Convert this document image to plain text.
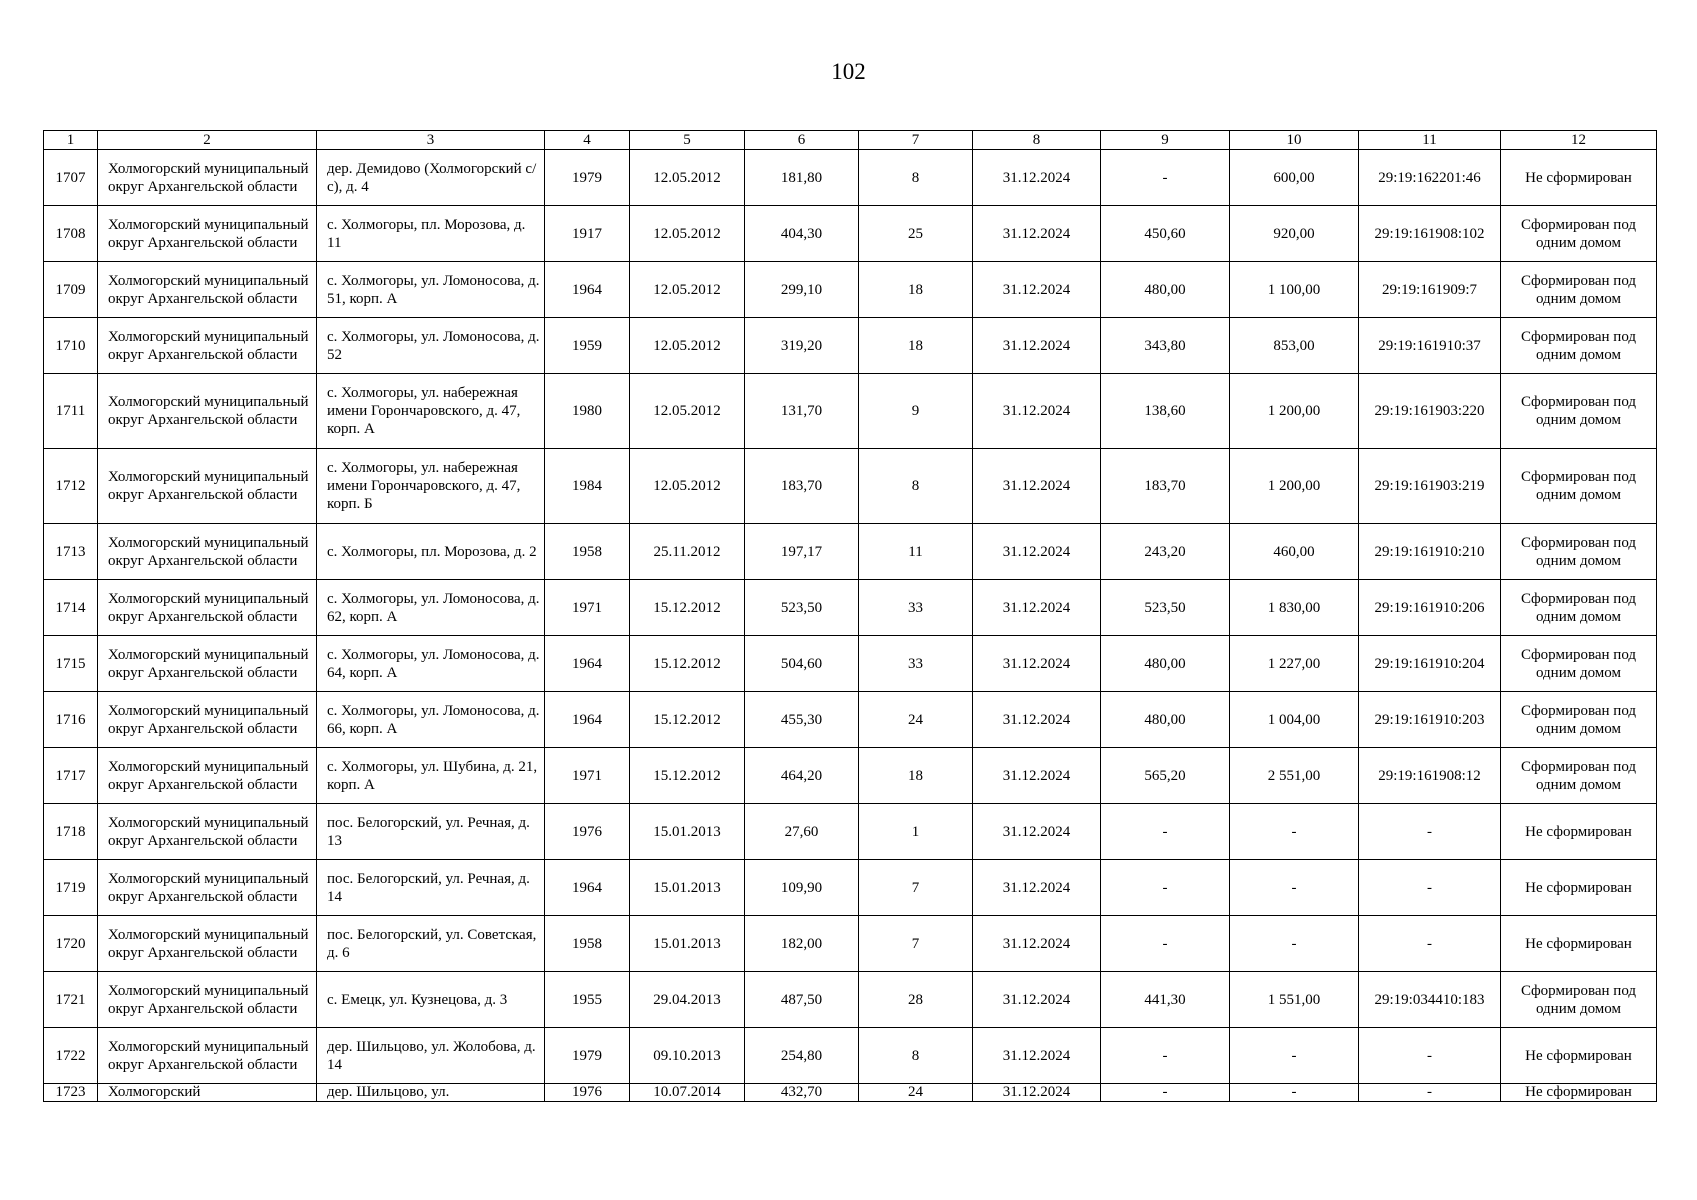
102
1	2	3	4	5	6	7	8	9	10	11	12
1707	Холмогорский муниципальный округ Архангельской области	дер. Демидово (Холмогорский с/с), д. 4	1979	12.05.2012	181,80	8	31.12.2024	-	600,00	29:19:162201:46	Не сформирован
1708	Холмогорский муниципальный округ Архангельской области	с. Холмогоры, пл. Морозова, д. 11	1917	12.05.2012	404,30	25	31.12.2024	450,60	920,00	29:19:161908:102	Сформирован под одним домом
1709	Холмогорский муниципальный округ Архангельской области	с. Холмогоры, ул. Ломоносова, д. 51, корп. А	1964	12.05.2012	299,10	18	31.12.2024	480,00	1 100,00	29:19:161909:7	Сформирован под одним домом
1710	Холмогорский муниципальный округ Архангельской области	с. Холмогоры, ул. Ломоносова, д. 52	1959	12.05.2012	319,20	18	31.12.2024	343,80	853,00	29:19:161910:37	Сформирован под одним домом
1711	Холмогорский муниципальный округ Архангельской области	с. Холмогоры, ул. набережная имени Горончаровского, д. 47, корп. А	1980	12.05.2012	131,70	9	31.12.2024	138,60	1 200,00	29:19:161903:220	Сформирован под одним домом
1712	Холмогорский муниципальный округ Архангельской области	с. Холмогоры, ул. набережная имени Горончаровского, д. 47, корп. Б	1984	12.05.2012	183,70	8	31.12.2024	183,70	1 200,00	29:19:161903:219	Сформирован под одним домом
1713	Холмогорский муниципальный округ Архангельской области	с. Холмогоры, пл. Морозова, д. 2	1958	25.11.2012	197,17	11	31.12.2024	243,20	460,00	29:19:161910:210	Сформирован под одним домом
1714	Холмогорский муниципальный округ Архангельской области	с. Холмогоры, ул. Ломоносова, д. 62, корп. А	1971	15.12.2012	523,50	33	31.12.2024	523,50	1 830,00	29:19:161910:206	Сформирован под одним домом
1715	Холмогорский муниципальный округ Архангельской области	с. Холмогоры, ул. Ломоносова, д. 64, корп. А	1964	15.12.2012	504,60	33	31.12.2024	480,00	1 227,00	29:19:161910:204	Сформирован под одним домом
1716	Холмогорский муниципальный округ Архангельской области	с. Холмогоры, ул. Ломоносова, д. 66, корп. А	1964	15.12.2012	455,30	24	31.12.2024	480,00	1 004,00	29:19:161910:203	Сформирован под одним домом
1717	Холмогорский муниципальный округ Архангельской области	с. Холмогоры, ул. Шубина, д. 21, корп. А	1971	15.12.2012	464,20	18	31.12.2024	565,20	2 551,00	29:19:161908:12	Сформирован под одним домом
1718	Холмогорский муниципальный округ Архангельской области	пос. Белогорский, ул. Речная, д. 13	1976	15.01.2013	27,60	1	31.12.2024	-	-	-	Не сформирован
1719	Холмогорский муниципальный округ Архангельской области	пос. Белогорский, ул. Речная, д. 14	1964	15.01.2013	109,90	7	31.12.2024	-	-	-	Не сформирован
1720	Холмогорский муниципальный округ Архангельской области	пос. Белогорский, ул. Советская, д. 6	1958	15.01.2013	182,00	7	31.12.2024	-	-	-	Не сформирован
1721	Холмогорский муниципальный округ Архангельской области	с. Емецк, ул. Кузнецова, д. 3	1955	29.04.2013	487,50	28	31.12.2024	441,30	1 551,00	29:19:034410:183	Сформирован под одним домом
1722	Холмогорский муниципальный округ Архангельской области	дер. Шильцово, ул. Жолобова, д. 14	1979	09.10.2013	254,80	8	31.12.2024	-	-	-	Не сформирован

1723	Холмогорский	дер. Шильцово, ул.	1976	10.07.2014	432,70	24	31.12.2024	-	-	-	Не сформирован
